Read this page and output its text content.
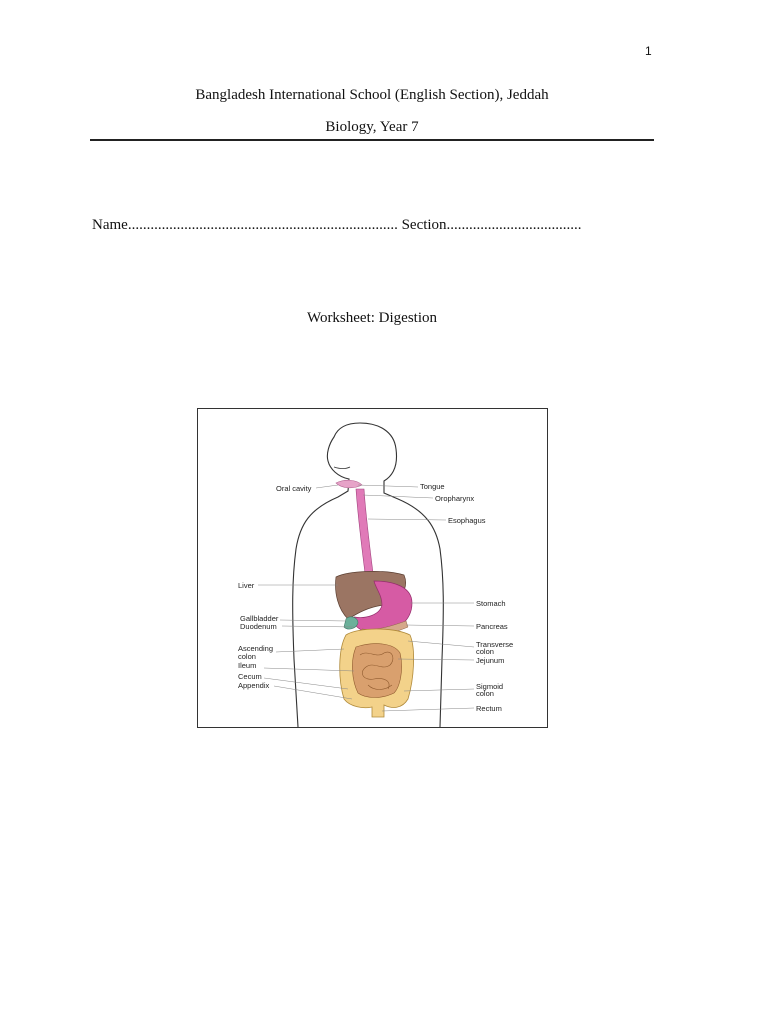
1
Bangladesh International School (English Section), Jeddah
Biology, Year 7
Name........................................................................ Section....................................
Worksheet: Digestion
Oral cavity	Tongue
Oropharynx
Esophagus
Liver
Stomach
Gallbladder
Duodenum	Pancreas
Transverse
colon
Ascending
colon	Jejunum
Ileum
Cecum
Appendix	Sigmoid
colon
Rectum
